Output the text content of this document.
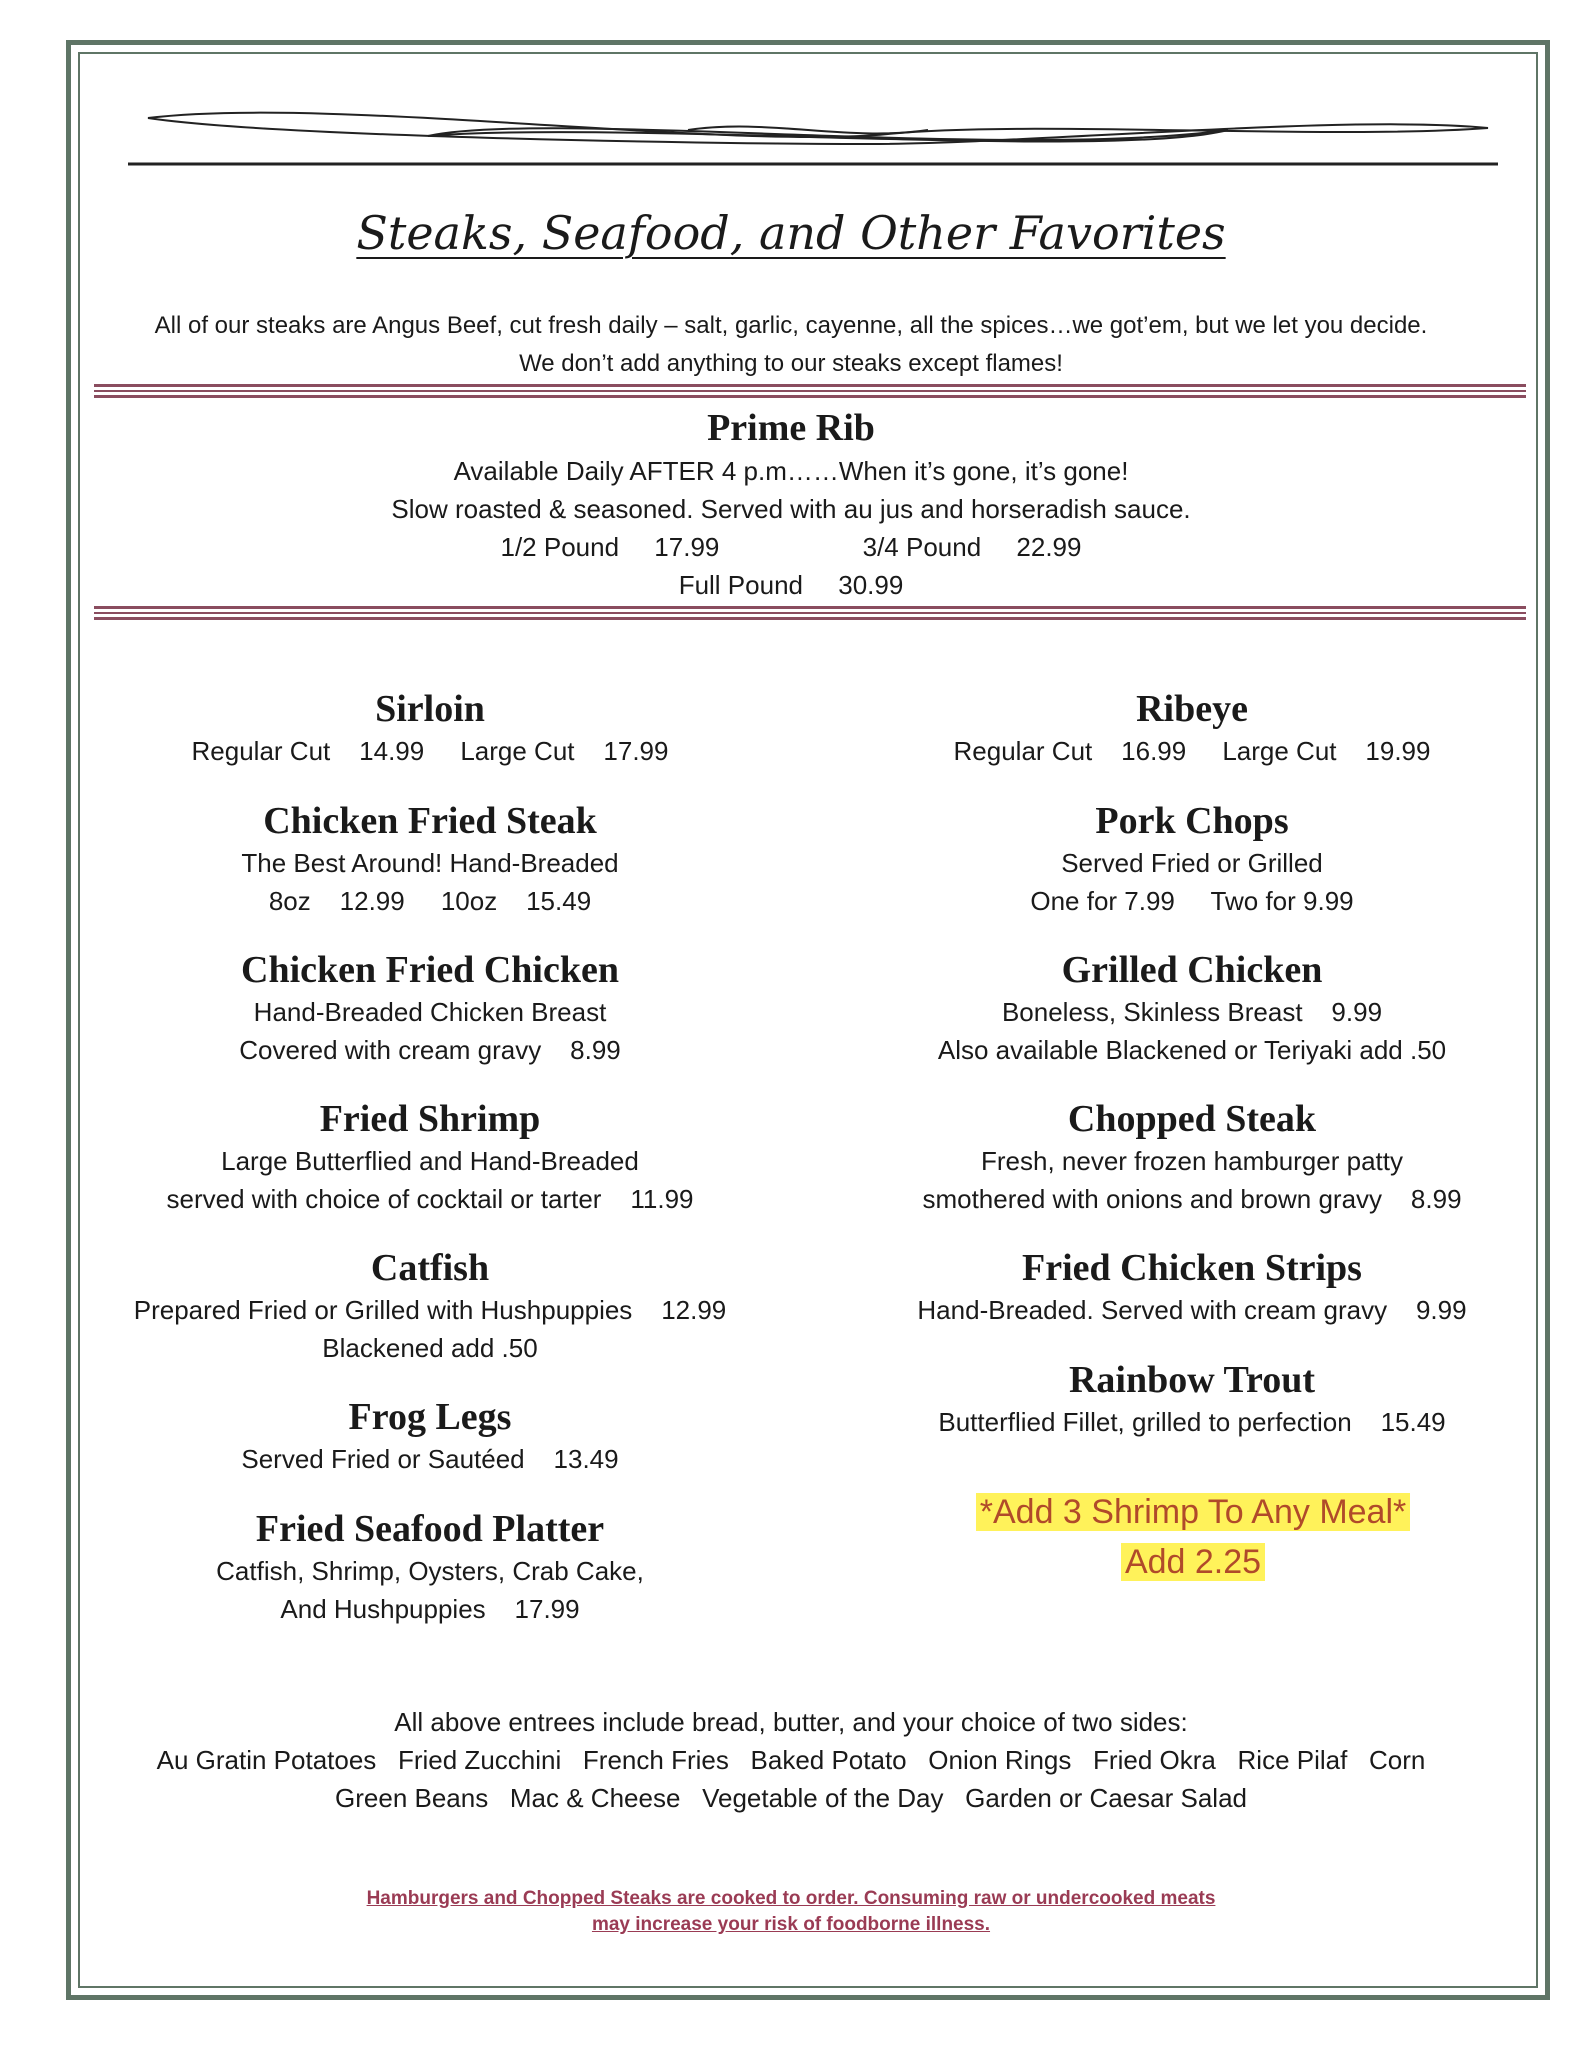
Steaks, Seafood, and Other Favorites
All of our steaks are Angus Beef, cut fresh daily – salt, garlic, cayenne, all the spices…we got’em, but we let you decide.
We don’t add anything to our steaks except flames!
Prime Rib
Available Daily AFTER 4 p.m……When it’s gone, it’s gone!
Slow roasted & seasoned. Served with au jus and horseradish sauce.
1/2 Pound 17.99	3/4 Pound 22.99
Full Pound 30.99
Sirloin
Regular Cut    14.99     Large Cut    17.99
Chicken Fried Steak
The Best Around! Hand-Breaded
8oz    12.99     10oz    15.49
Chicken Fried Chicken
Hand-Breaded Chicken Breast
Covered with cream gravy    8.99
Fried Shrimp
Large Butterflied and Hand-Breaded
served with choice of cocktail or tarter    11.99
Catfish
Prepared Fried or Grilled with Hushpuppies    12.99
Blackened add .50
Frog Legs
Served Fried or Sautéed    13.49
Fried Seafood Platter
Catfish, Shrimp, Oysters, Crab Cake,
And Hushpuppies    17.99
Ribeye
Regular Cut    16.99     Large Cut    19.99
Pork Chops
Served Fried or Grilled
One for 7.99     Two for 9.99
Grilled Chicken
Boneless, Skinless Breast    9.99
Also available Blackened or Teriyaki add .50
Chopped Steak
Fresh, never frozen hamburger patty
smothered with onions and brown gravy    8.99
Fried Chicken Strips
Hand-Breaded. Served with cream gravy    9.99
Rainbow Trout
Butterflied Fillet, grilled to perfection    15.49
*Add 3 Shrimp To Any Meal*
Add 2.25
All above entrees include bread, butter, and your choice of two sides:
Au Gratin Potatoes   Fried Zucchini   French Fries   Baked Potato   Onion Rings   Fried Okra   Rice Pilaf   Corn
Green Beans   Mac & Cheese   Vegetable of the Day   Garden or Caesar Salad
Hamburgers and Chopped Steaks are cooked to order. Consuming raw or undercooked meats
may increase your risk of foodborne illness.
